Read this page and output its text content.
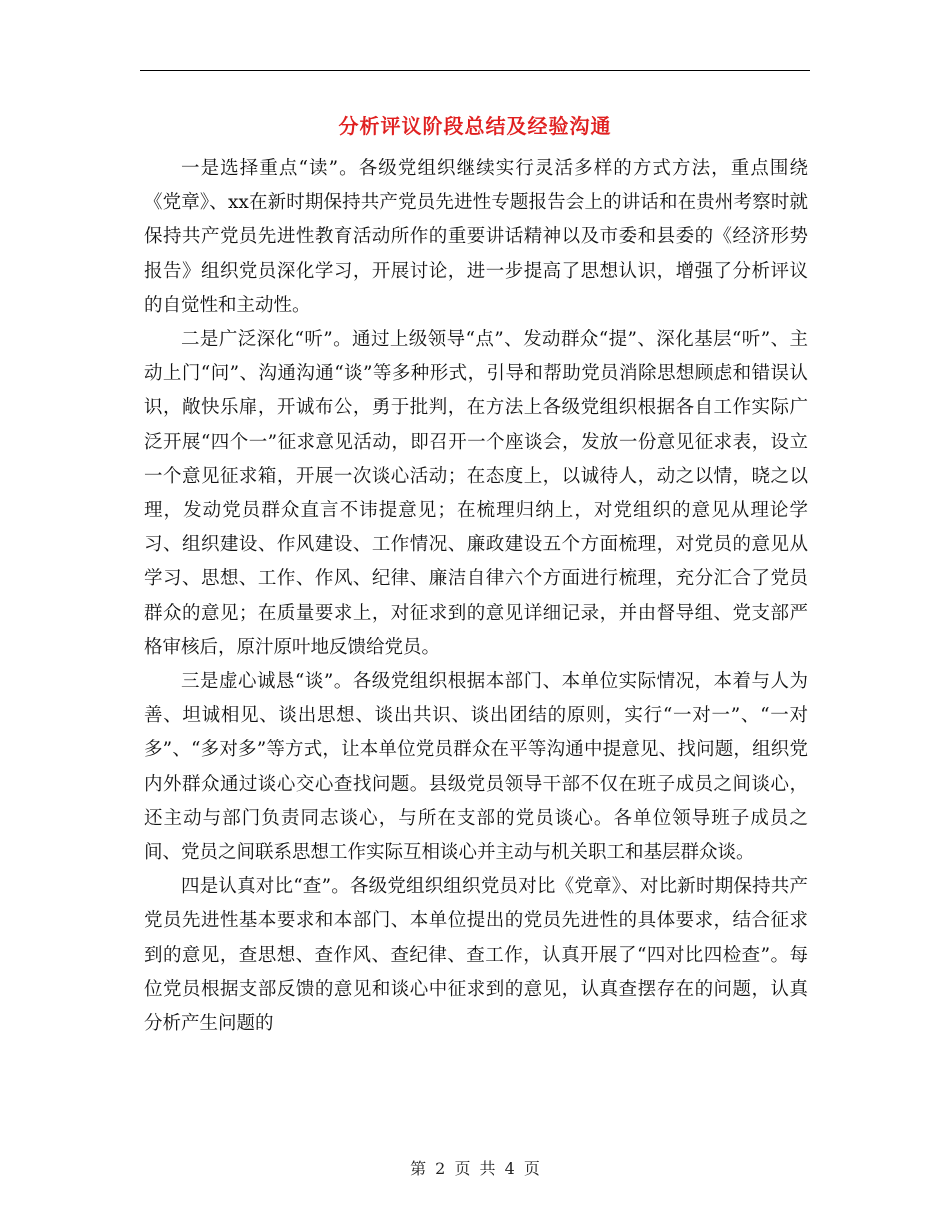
分析评议阶段总结及经验沟通

一是选择重点“读”。各级党组织继续实行灵活多样的方式方法，重点围绕《党章》、xx在新时期保持共产党员先进性专题报告会上的讲话和在贵州考察时就保持共产党员先进性教育活动所作的重要讲话精神以及市委和县委的《经济形势报告》组织党员深化学习，开展讨论，进一步提高了思想认识，增强了分析评议的自觉性和主动性。

二是广泛深化“听”。通过上级领导“点”、发动群众“提”、深化基层“听”、主动上门“问”、沟通沟通“谈”等多种形式，引导和帮助党员消除思想顾虑和错误认识，敞快乐扉，开诚布公，勇于批判，在方法上各级党组织根据各自工作实际广泛开展“四个一”征求意见活动，即召开一个座谈会，发放一份意见征求表，设立一个意见征求箱，开展一次谈心活动；在态度上，以诚待人，动之以情，晓之以理，发动党员群众直言不讳提意见；在梳理归纳上，对党组织的意见从理论学习、组织建设、作风建设、工作情况、廉政建设五个方面梳理，对党员的意见从学习、思想、工作、作风、纪律、廉洁自律六个方面进行梳理，充分汇合了党员群众的意见；在质量要求上，对征求到的意见详细记录，并由督导组、党支部严格审核后，原汁原叶地反馈给党员。

三是虚心诚恳“谈”。各级党组织根据本部门、本单位实际情况，本着与人为善、坦诚相见、谈出思想、谈出共识、谈出团结的原则，实行“一对一”、“一对多”、“多对多”等方式，让本单位党员群众在平等沟通中提意见、找问题，组织党内外群众通过谈心交心查找问题。县级党员领导干部不仅在班子成员之间谈心，还主动与部门负责同志谈心，与所在支部的党员谈心。各单位领导班子成员之间、党员之间联系思想工作实际互相谈心并主动与机关职工和基层群众谈。

四是认真对比“查”。各级党组织组织党员对比《党章》、对比新时期保持共产党员先进性基本要求和本部门、本单位提出的党员先进性的具体要求，结合征求到的意见，查思想、查作风、查纪律、查工作，认真开展了“四对比四检查”。每位党员根据支部反馈的意见和谈心中征求到的意见，认真查摆存在的问题，认真分析产生问题的

第 2 页 共 4 页
